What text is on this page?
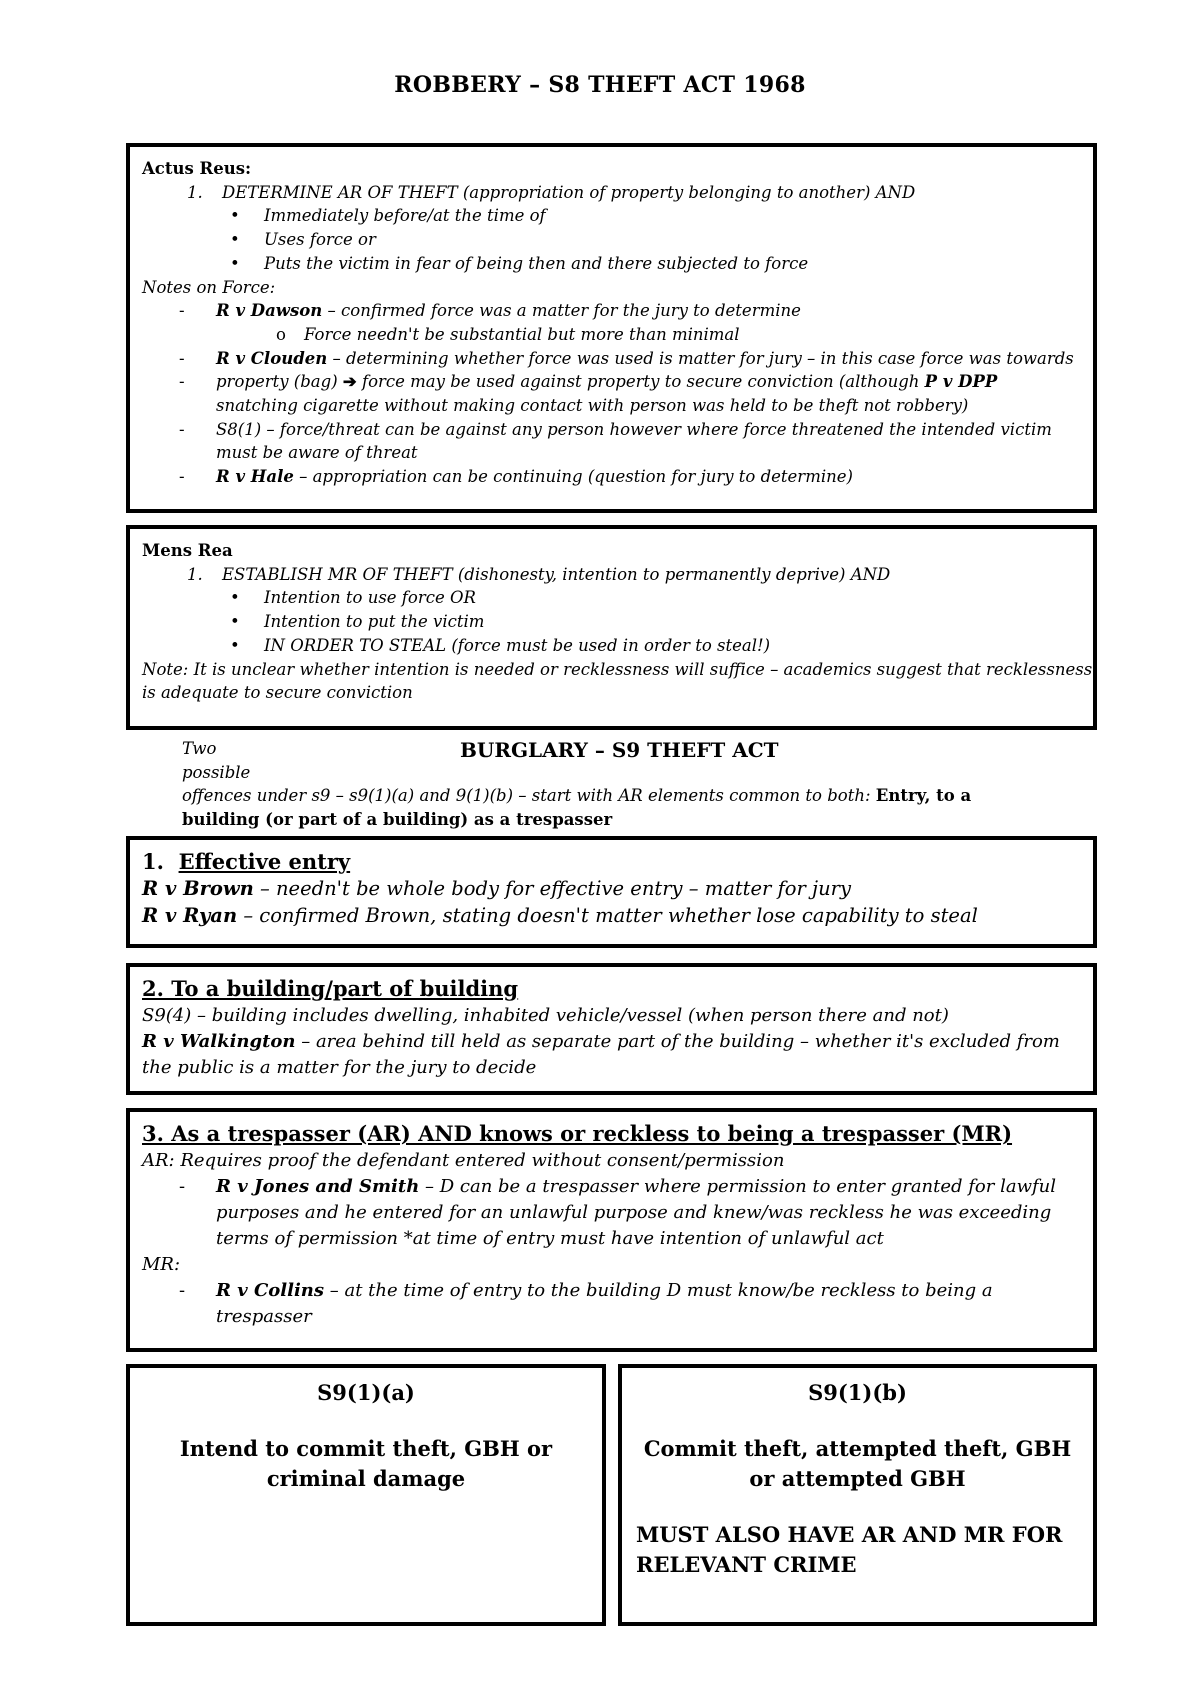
ROBBERY – S8 THEFT ACT 1968
Actus Reus:
1. DETERMINE AR OF THEFT (appropriation of property belonging to another) AND
• Immediately before/at the time of
• Uses force or
• Puts the victim in fear of being then and there subjected to force
Notes on Force:
- R v Dawson – confirmed force was a matter for the jury to determine
o Force needn't be substantial but more than minimal
- R v Clouden – determining whether force was used is matter for jury – in this case force was towards
- property (bag) ➔ force may be used against property to secure conviction (although P v DPP
snatching cigarette without making contact with person was held to be theft not robbery)
- S8(1) – force/threat can be against any person however where force threatened the intended victim
must be aware of threat
- R v Hale – appropriation can be continuing (question for jury to determine)
Mens Rea
1. ESTABLISH MR OF THEFT (dishonesty, intention to permanently deprive) AND
• Intention to use force OR
• Intention to put the victim
• IN ORDER TO STEAL (force must be used in order to steal!)
Note: It is unclear whether intention is needed or recklessness will suffice – academics suggest that recklessness
is adequate to secure conviction
BURGLARY – S9 THEFT ACT
Two
possible
offences under s9 – s9(1)(a) and 9(1)(b) – start with AR elements common to both: Entry, to a
building (or part of a building) as a trespasser
1. Effective entry
R v Brown – needn't be whole body for effective entry – matter for jury
R v Ryan – confirmed Brown, stating doesn't matter whether lose capability to steal
2. To a building/part of building
S9(4) – building includes dwelling, inhabited vehicle/vessel (when person there and not)
R v Walkington – area behind till held as separate part of the building – whether it's excluded from
the public is a matter for the jury to decide
3. As a trespasser (AR) AND knows or reckless to being a trespasser (MR)
AR: Requires proof the defendant entered without consent/permission
- R v Jones and Smith – D can be a trespasser where permission to enter granted for lawful
purposes and he entered for an unlawful purpose and knew/was reckless he was exceeding
terms of permission *at time of entry must have intention of unlawful act
MR:
- R v Collins – at the time of entry to the building D must know/be reckless to being a
trespasser
S9(1)(a)
Intend to commit theft, GBH or criminal damage
S9(1)(b)
Commit theft, attempted theft, GBH or attempted GBH
MUST ALSO HAVE AR AND MR FOR RELEVANT CRIME
